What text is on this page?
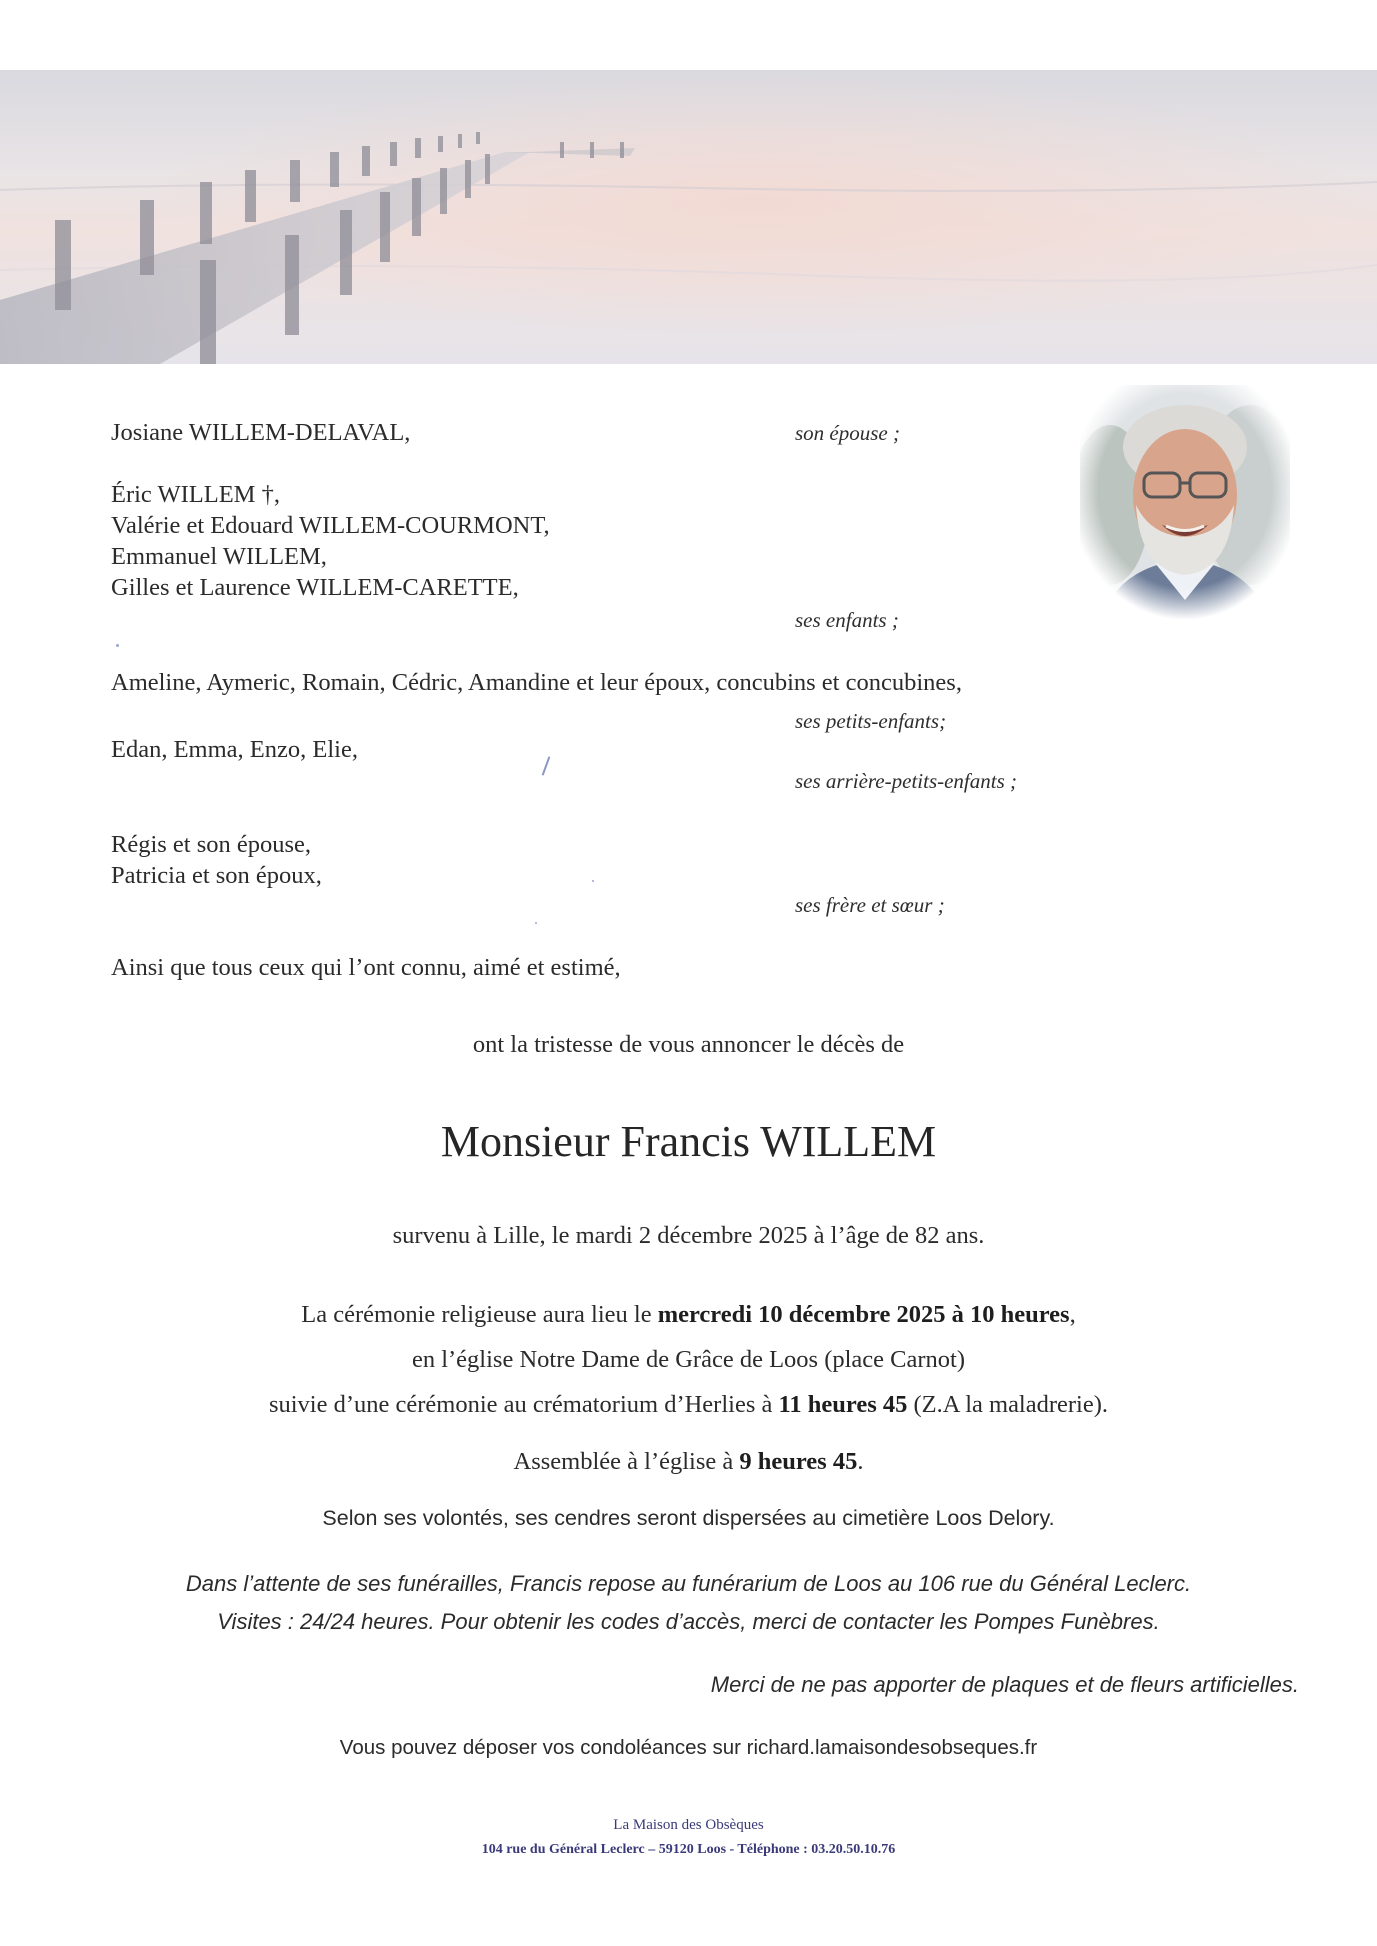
Josiane WILLEM-DELAVAL,	son épouse ;
Éric WILLEM †,
Valérie et Edouard WILLEM-COURMONT,
Emmanuel WILLEM,
Gilles et Laurence WILLEM-CARETTE,
ses enfants ;
Ameline, Aymeric, Romain, Cédric, Amandine et leur époux, concubins et concubines,
ses petits-enfants;
Edan, Emma, Enzo, Elie,
ses arrière-petits-enfants ;
Régis et son épouse,
Patricia et son époux,
ses frère et sœur ;
Ainsi que tous ceux qui l’ont connu, aimé et estimé,
ont la tristesse de vous annoncer le décès de
Monsieur Francis WILLEM
survenu à Lille, le mardi 2 décembre 2025 à l’âge de 82 ans.
La cérémonie religieuse aura lieu le mercredi 10 décembre 2025 à 10 heures,
en l’église Notre Dame de Grâce de Loos (place Carnot)
suivie d’une cérémonie au crématorium d’Herlies à 11 heures 45 (Z.A la maladrerie).
Assemblée à l’église à 9 heures 45.
Selon ses volontés, ses cendres seront dispersées au cimetière Loos Delory.
Dans l’attente de ses funérailles, Francis repose au funérarium de Loos au 106 rue du Général Leclerc.
Visites : 24/24 heures. Pour obtenir les codes d’accès, merci de contacter les Pompes Funèbres.
Merci de ne pas apporter de plaques et de fleurs artificielles.
Vous pouvez déposer vos condoléances sur richard.lamaisondesobseques.fr
La Maison des Obsèques
104 rue du Général Leclerc – 59120 Loos - Téléphone : 03.20.50.10.76
